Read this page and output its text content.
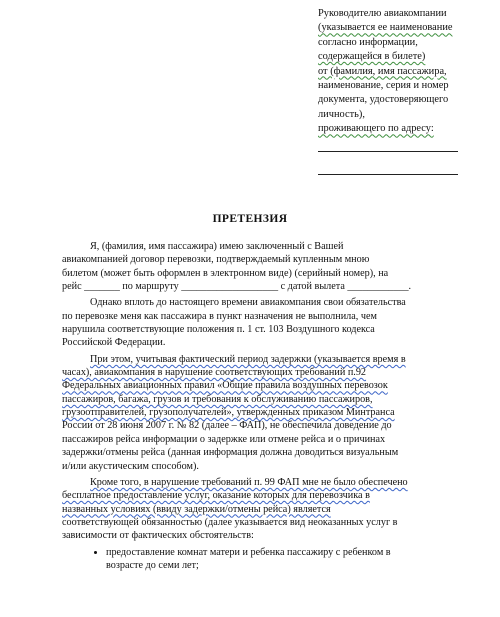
Руководителю авиакомпании
(указывается ее наименование
согласно информации,
содержащейся в билете)
от (фамилия, имя пассажира,
наименование, серия и номер
документа, удостоверяющего
личность),
проживающего по адресу:
ПРЕТЕНЗИЯ

Я, (фамилия, имя пассажира) имею заключенный с Вашей
авиакомпанией договор перевозки, подтверждаемый купленным мною
билетом (может быть оформлен в электронном виде) (серийный номер), на
рейс _______ по маршруту ___________________ с датой вылета ____________.

Однако вплоть до настоящего времени авиакомпания свои обязательства
по перевозке меня как пассажира в пункт назначения не выполнила, чем
нарушила соответствующие положения п. 1 ст. 103 Воздушного кодекса
Российской Федерации.

При этом, учитывая фактический период задержки (указывается время в
часах), авиакомпания в нарушение соответствующих требований п.92
Федеральных авиационных правил «Общие правила воздушных перевозок
пассажиров, багажа, грузов и требования к обслуживанию пассажиров,
грузоотправителей, грузополучателей», утвержденных приказом Минтранса
России от 28 июня 2007 г. № 82 (далее – ФАП), не обеспечила доведение до
пассажиров рейса информации о задержке или отмене рейса и о причинах
задержки/отмены рейса (данная информация должна доводиться визуальным
и/или акустическим способом).

Кроме того, в нарушение требований п. 99 ФАП мне не было обеспечено
бесплатное предоставление услуг, оказание которых для перевозчика в
названных условиях (ввиду задержки/отмены рейса) является
соответствующей обязанностью (далее указывается вид неоказанных услуг в
зависимости от фактических обстоятельств:

• предоставление комнат матери и ребенка пассажиру с ребенком в
возрасте до семи лет;
